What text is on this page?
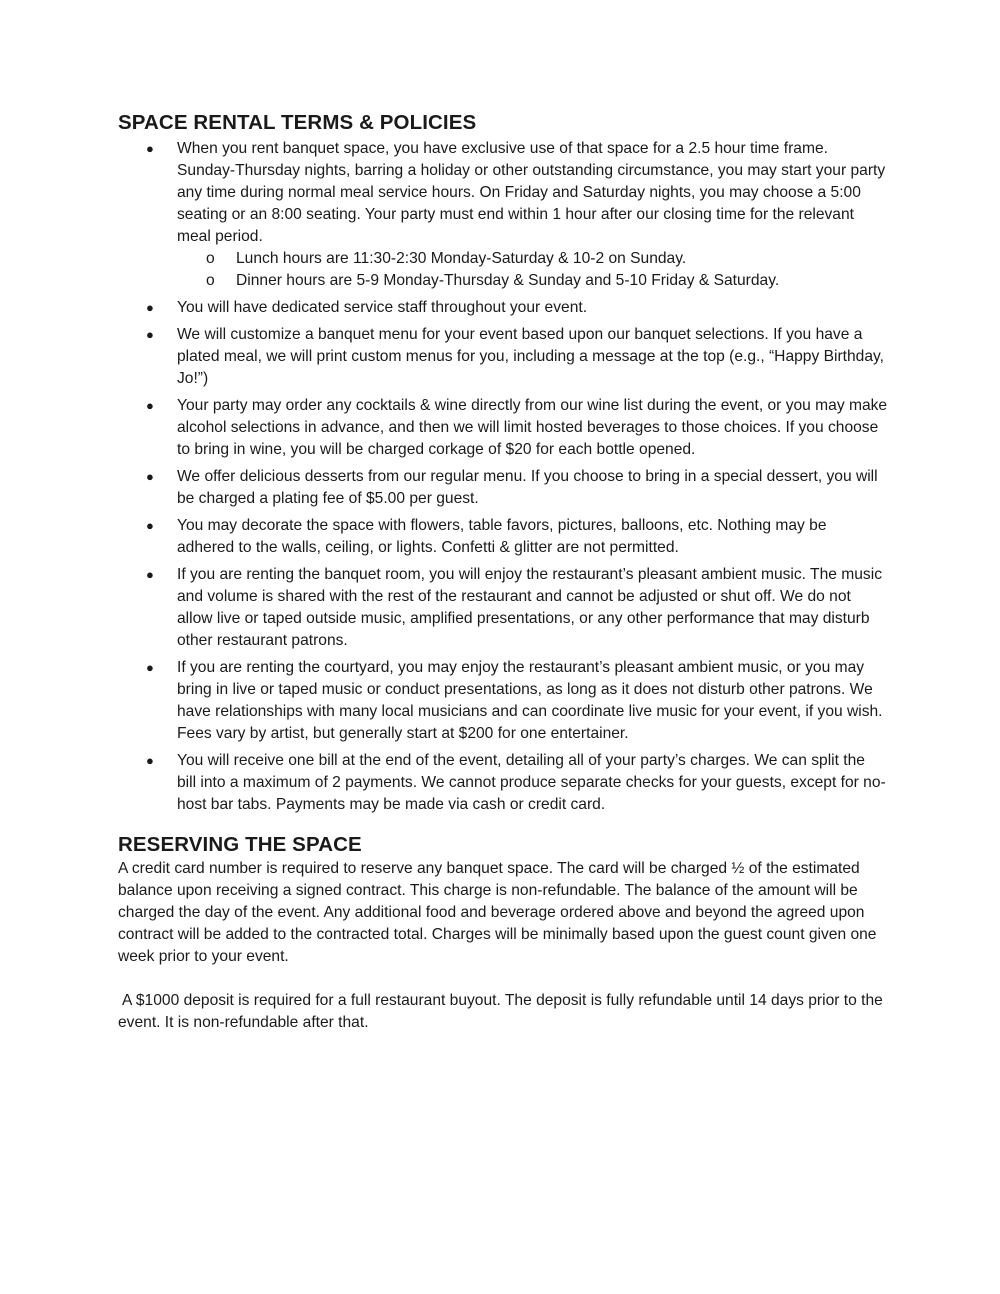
SPACE RENTAL TERMS & POLICIES
● When you rent banquet space, you have exclusive use of that space for a 2.5 hour time frame. Sunday-Thursday nights, barring a holiday or other outstanding circumstance, you may start your party any time during normal meal service hours. On Friday and Saturday nights, you may choose a 5:00 seating or an 8:00 seating. Your party must end within 1 hour after our closing time for the relevant meal period.
o Lunch hours are 11:30-2:30 Monday-Saturday & 10-2 on Sunday.
o Dinner hours are 5-9 Monday-Thursday & Sunday and 5-10 Friday & Saturday.
● You will have dedicated service staff throughout your event.
● We will customize a banquet menu for your event based upon our banquet selections. If you have a plated meal, we will print custom menus for you, including a message at the top (e.g., “Happy Birthday, Jo!”)
● Your party may order any cocktails & wine directly from our wine list during the event, or you may make alcohol selections in advance, and then we will limit hosted beverages to those choices. If you choose to bring in wine, you will be charged corkage of $20 for each bottle opened.
● We offer delicious desserts from our regular menu. If you choose to bring in a special dessert, you will be charged a plating fee of $5.00 per guest.
● You may decorate the space with flowers, table favors, pictures, balloons, etc. Nothing may be adhered to the walls, ceiling, or lights. Confetti & glitter are not permitted.
● If you are renting the banquet room, you will enjoy the restaurant’s pleasant ambient music. The music and volume is shared with the rest of the restaurant and cannot be adjusted or shut off. We do not allow live or taped outside music, amplified presentations, or any other performance that may disturb other restaurant patrons.
● If you are renting the courtyard, you may enjoy the restaurant’s pleasant ambient music, or you may bring in live or taped music or conduct presentations, as long as it does not disturb other patrons. We have relationships with many local musicians and can coordinate live music for your event, if you wish. Fees vary by artist, but generally start at $200 for one entertainer.
● You will receive one bill at the end of the event, detailing all of your party’s charges. We can split the bill into a maximum of 2 payments. We cannot produce separate checks for your guests, except for no-host bar tabs. Payments may be made via cash or credit card.
RESERVING THE SPACE

A credit card number is required to reserve any banquet space. The card will be charged ½ of the estimated balance upon receiving a signed contract. This charge is non-refundable. The balance of the amount will be charged the day of the event. Any additional food and beverage ordered above and beyond the agreed upon contract will be added to the contracted total. Charges will be minimally based upon the guest count given one week prior to your event.

A $1000 deposit is required for a full restaurant buyout. The deposit is fully refundable until 14 days prior to the event. It is non-refundable after that.
